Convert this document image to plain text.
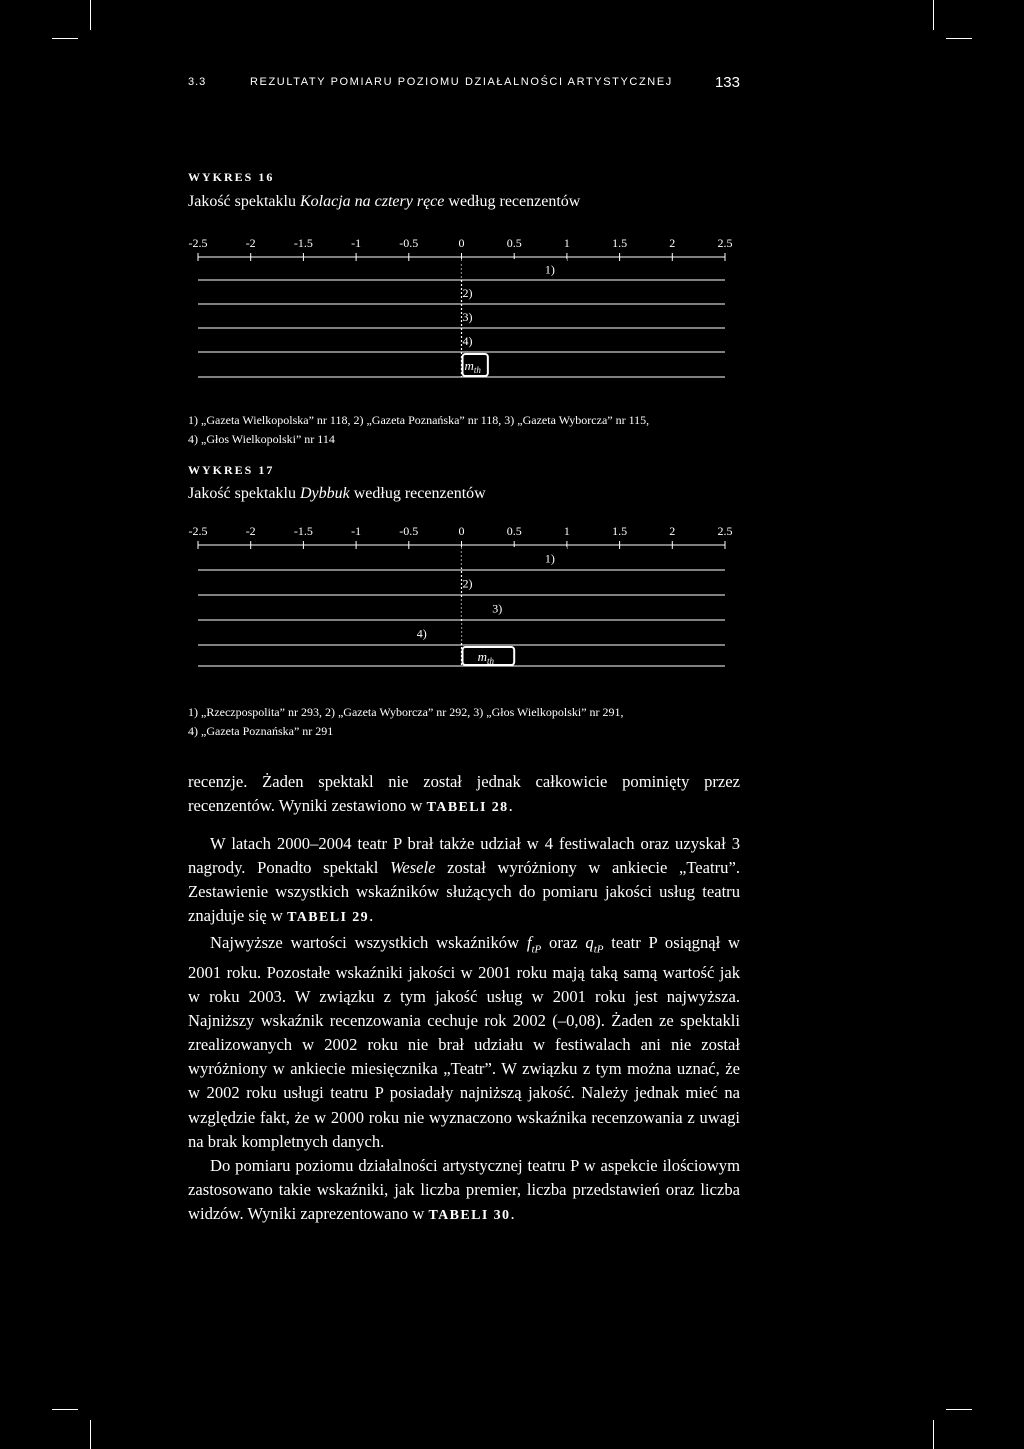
3.3	REZULTATY POMIARU POZIOMU DZIAŁALNOŚCI ARTYSTYCZNEJ	133
WYKRES 16
Jakość spektaklu Kolacja na cztery ręce według recenzentów
-2.5	-2	-1.5	-1	-0.5	0	0.5	1	1.5	2	2.5
1)
2)
3)
4)
$m_{th}$
1) „Gazeta Wielkopolska” nr 118, 2) „Gazeta Poznańska” nr 118, 3) „Gazeta Wyborcza” nr 115,
4) „Głos Wielkopolski” nr 114
WYKRES 17
Jakość spektaklu Dybbuk według recenzentów
-2.5	-2	-1.5	-1	-0.5	0	0.5	1	1.5	2	2.5
1)
2)
3)
4)
$m_{th}$
1) „Rzeczpospolita” nr 293, 2) „Gazeta Wyborcza” nr 292, 3) „Głos Wielkopolski” nr 291,
4) „Gazeta Poznańska” nr 291

recenzje. Żaden spektakl nie został jednak całkowicie pominięty przez recenzentów. Wyniki zestawiono w TABELI 28.

W latach 2000–2004 teatr P brał także udział w 4 festiwalach oraz uzyskał 3 nagrody. Ponadto spektakl Wesele został wyróżniony w ankiecie „Teatru”. Zestawienie wszystkich wskaźników służących do pomiaru jakości usług teatru znajduje się w TABELI 29.

Najwyższe wartości wszystkich wskaźników $f_{tP}$ oraz $q_{tP}$ teatr P osiągnął w 2001 roku. Pozostałe wskaźniki jakości w 2001 roku mają taką samą wartość jak w roku 2003. W związku z tym jakość usług w 2001 roku jest najwyższa. Najniższy wskaźnik recenzowania cechuje rok 2002 (–0,08). Żaden ze spektakli zrealizowanych w 2002 roku nie brał udziału w festiwalach ani nie został wyróżniony w ankiecie miesięcznika „Teatr”. W związku z tym można uznać, że w 2002 roku usługi teatru P posiadały najniższą jakość. Należy jednak mieć na względzie fakt, że w 2000 roku nie wyznaczono wskaźnika recenzowania z uwagi na brak kompletnych danych.

Do pomiaru poziomu działalności artystycznej teatru P w aspekcie ilościowym zastosowano takie wskaźniki, jak liczba premier, liczba przedstawień oraz liczba widzów. Wyniki zaprezentowano w TABELI 30.
